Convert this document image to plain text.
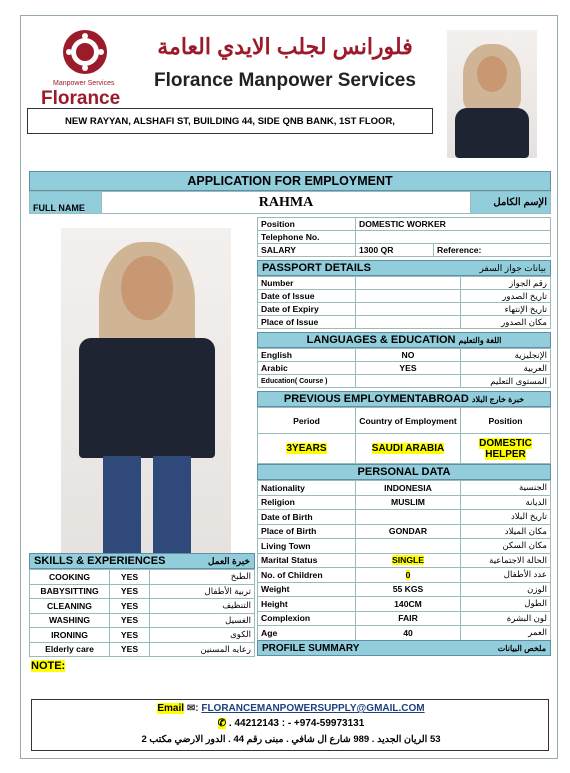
Manpower Services
Florance
فلورانس لجلب الايدي العامة
Florance Manpower Services
NEW RAYYAN, ALSHAFI ST, BUILDING 44, SIDE QNB BANK, 1ST FLOOR,
APPLICATION FOR EMPLOYMENT
FULL NAME	RAHMA	الإسم الكامل
Position	DOMESTIC WORKER	
Telephone No.		
SALARY	1300 QR	Reference:
PASSPORT DETAILS	بيانات جواز السفر
Number		رقم الجواز
Date of Issue		تاريخ الصدور
Date of Expiry		تاريخ الإنتهاء
Place of Issue		مكان الصدور
LANGUAGES & EDUCATION اللغة والتعليم
English	NO	الإنجليزية
Arabic	YES	العربية
Education( Course )		المستوى التعليم
PREVIOUS EMPLOYMENTABROAD خبرة خارج البلاد
Period	Country of Employment	Position
3YEARS	SAUDI ARABIA	DOMESTIC HELPER
PERSONAL DATA
Nationality	INDONESIA	الجنسية
Religion	MUSLIM	الديانة
Date of Birth		تاريخ البلاد
Place of Birth	GONDAR	مكان الميلاد
Living Town		مكان السكن
Marital Status	SINGLE	الحالة الاجتماعية
No. of Children	0	عدد الأطفال
Weight	55 KGS	الوزن
Height	140CM	الطول
Complexion	FAIR	لون البشرة
Age	40	العمر
PROFILE SUMMARY	ملخص البيانات
SKILLS & EXPERIENCES	خبرة العمل
COOKING	YES	الطبخ
BABYSITTING	YES	تربية الأطفال
CLEANING	YES	التنظيف
WASHING	YES	الغسيل
IRONING	YES	الكوى
Elderly care	YES	رعايه المسنين
NOTE:
Email ✉: FLORANCEMANPOWERSUPPLY@GMAIL.COM
✆ . 44212143 : - +974-59973131
53 الريان الجديد . 989 شارع ال شافي . مبنى رقم 44 . الدور الارضي مكتب 2
